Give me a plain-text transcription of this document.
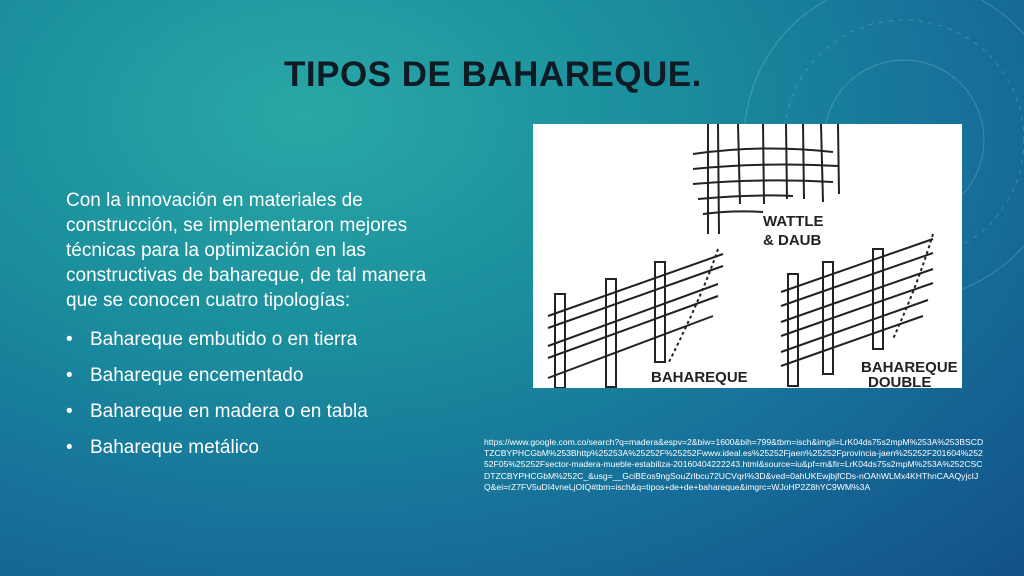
TIPOS DE BAHAREQUE.
Con la innovación en materiales de construcción, se implementaron mejores técnicas para la optimización en las constructivas de bahareque, de tal manera que se conocen cuatro tipologías:
• Bahareque embutido o en tierra
• Bahareque encementado
• Bahareque en madera o en tabla
• Bahareque metálico
WATTLE
& DAUB
BAHAREQUE
BAHAREQUE
DOUBLE
https://www.google.com.co/search?q=madera&espv=2&biw=1600&bih=799&tbm=isch&imgil=LrK04ds75s2mpM%253A%253BSCDTZCBYPHCGbM%253Bhttp%25253A%25252F%25252Fwww.ideal.es%25252Fjaen%25252Fprovincia-jaen%25252F201604%25252F05%25252Fsector-madera-mueble-estabiliza-20160404222243.html&source=iu&pf=m&fir=LrK04ds75s2mpM%253A%252CSCDTZCBYPHCGbM%252C_&usg=__GciBEos9ngSouZrlbcu72UCVqrI%3D&ved=0ahUKEwjbjfCDs-nOAhWLMx4KHThnCAAQyjcIJQ&ei=rZ7FV5uDI4vneLjOIQ#tbm=isch&q=tipos+de+de+bahareque&imgrc=WJoHP2Z8hYC9WM%3A
